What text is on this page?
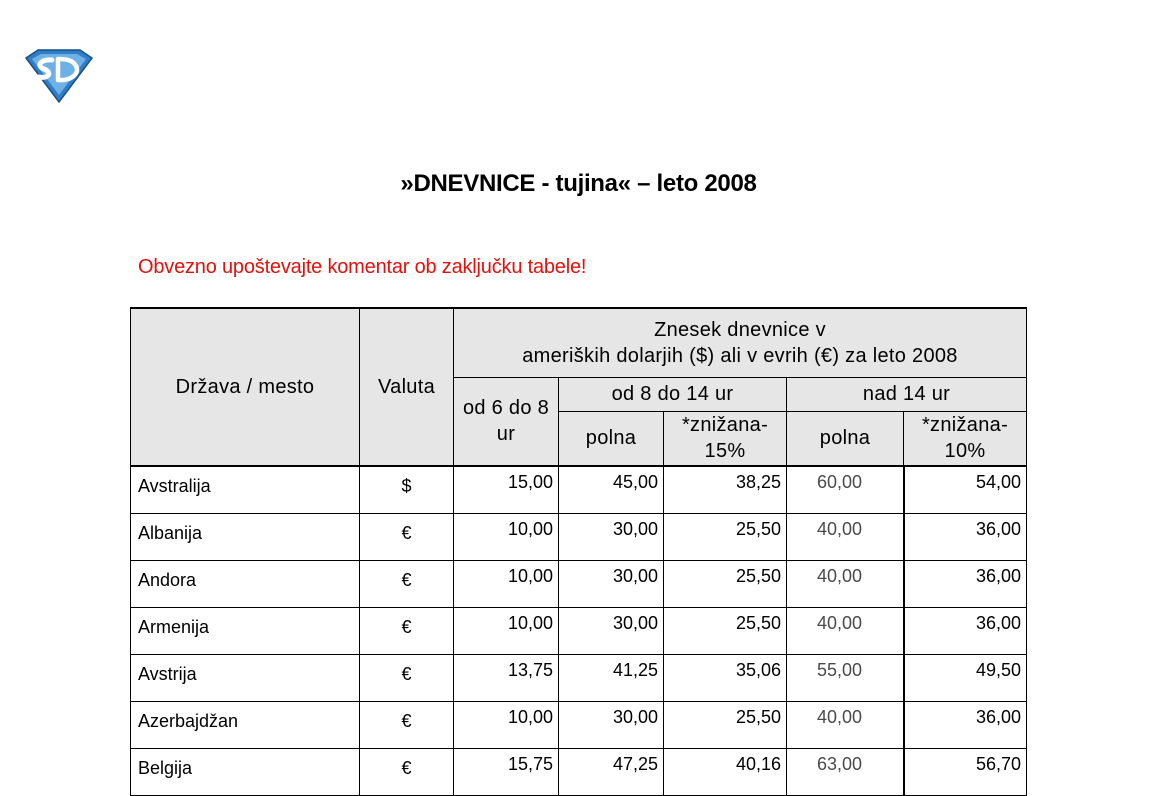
»DNEVNICE - tujina« – leto 2008
Obvezno upoštevajte komentar ob zaključku tabele!
Država / mesto	Valuta	Znesek dnevnice v
ameriških dolarjih ($) ali v evrih (€) za leto 2008				

		od 6 do 8 ur	od 8 do 14 ur		nad 14 ur	
			polna	*znižana-15%	polna	*znižana-10%
Avstralija	$	15,00	45,00	38,25	60,00	54,00
Albanija	€	10,00	30,00	25,50	40,00	36,00
Andora	€	10,00	30,00	25,50	40,00	36,00
Armenija	€	10,00	30,00	25,50	40,00	36,00
Avstrija	€	13,75	41,25	35,06	55,00	49,50
Azerbajdžan	€	10,00	30,00	25,50	40,00	36,00
Belgija	€	15,75	47,25	40,16	63,00	56,70
